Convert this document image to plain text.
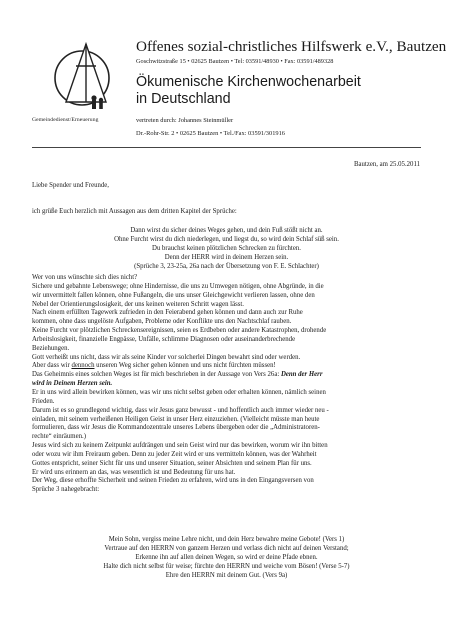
Gemeindedienst/Erneuerung
Offenes sozial-christliches Hilfswerk e.V., Bautzen
Goschwitzstraße 15 • 02625 Bautzen • Tel: 03591/48930 • Fax: 03591/489328
Ökumenische Kirchenwochenarbeit
in Deutschland
vertreten durch: Johannes Steinmüller
Dr.-Rohr-Str. 2 • 02625 Bautzen • Tel./Fax: 03591/301916
Bautzen, am 25.05.2011
Liebe Spender und Freunde,
ich grüße Euch herzlich mit Aussagen aus dem dritten Kapitel der Sprüche:
Dann wirst du sicher deines Weges gehen, und dein Fuß stößt nicht an.
Ohne Furcht wirst du dich niederlegen, und liegst du, so wird dein Schlaf süß sein.
Du brauchst keinen plötzlichen Schrecken zu fürchten.
Denn der HERR wird in deinem Herzen sein.
(Sprüche 3, 23-25a, 26a nach der Übersetzung von F. E. Schlachter)
Wer von uns wünschte sich dies nicht?
Sichere und gebahnte Lebenswege; ohne Hindernisse, die uns zu Umwegen nötigen, ohne Abgründe, in die
wir unvermittelt fallen können, ohne Fußangeln, die uns unser Gleichgewicht verlieren lassen, ohne den
Nebel der Orientierungslosigkeit, der uns keinen weiteren Schritt wagen lässt.
Nach einem erfüllten Tagewerk zufrieden in den Feierabend gehen können und dann auch zur Ruhe
kommen, ohne dass ungelöste Aufgaben, Probleme oder Konflikte uns den Nachtschlaf rauben.
Keine Furcht vor plötzlichen Schreckensereignissen, seien es Erdbeben oder andere Katastrophen, drohende
Arbeitslosigkeit, finanzielle Engpässe, Unfälle, schlimme Diagnosen oder auseinanderbrechende
Beziehungen.
Gott verheißt uns nicht, dass wir als seine Kinder vor solcherlei Dingen bewahrt sind oder werden.
Aber dass wir dennoch unseren Weg sicher gehen können und uns nicht fürchten müssen!
Das Geheimnis eines solchen Weges ist für mich beschrieben in der Aussage von Vers 26a: Denn der Herr
wird in Deinem Herzen sein.
Er in uns wird allein bewirken können, was wir uns nicht selbst geben oder erhalten können, nämlich seinen
Frieden.
Darum ist es so grundlegend wichtig, dass wir Jesus ganz bewusst - und hoffentlich auch immer wieder neu -
einladen, mit seinem verheißenen Heiligen Geist in unser Herz einzuziehen. (Vielleicht müsste man heute
formulieren, dass wir Jesus die Kommandozentrale unseres Lebens übergeben oder die „Administratoren-
rechte“ einräumen.)
Jesus wird sich zu keinem Zeitpunkt aufdrängen und sein Geist wird nur das bewirken, worum wir ihn bitten
oder wozu wir ihm Freiraum geben. Denn zu jeder Zeit wird er uns vermitteln können, was der Wahrheit
Gottes entspricht, seiner Sicht für uns und unserer Situation, seiner Absichten und seinem Plan für uns.
Er wird uns erinnern an das, was wesentlich ist und Bedeutung für uns hat.
Der Weg, diese erhoffte Sicherheit und seinen Frieden zu erfahren, wird uns in den Eingangsversen von
Sprüche 3 nahegebracht:
Mein Sohn, vergiss meine Lehre nicht, und dein Herz bewahre meine Gebote! (Vers 1)
Vertraue auf den HERRN von ganzem Herzen und verlass dich nicht auf deinen Verstand;
Erkenne ihn auf allen deinen Wegen, so wird er deine Pfade ebnen.
Halte dich nicht selbst für weise; fürchte den HERRN und weiche vom Bösen! (Verse 5-7)
Ehre den HERRN mit deinem Gut. (Vers 9a)
